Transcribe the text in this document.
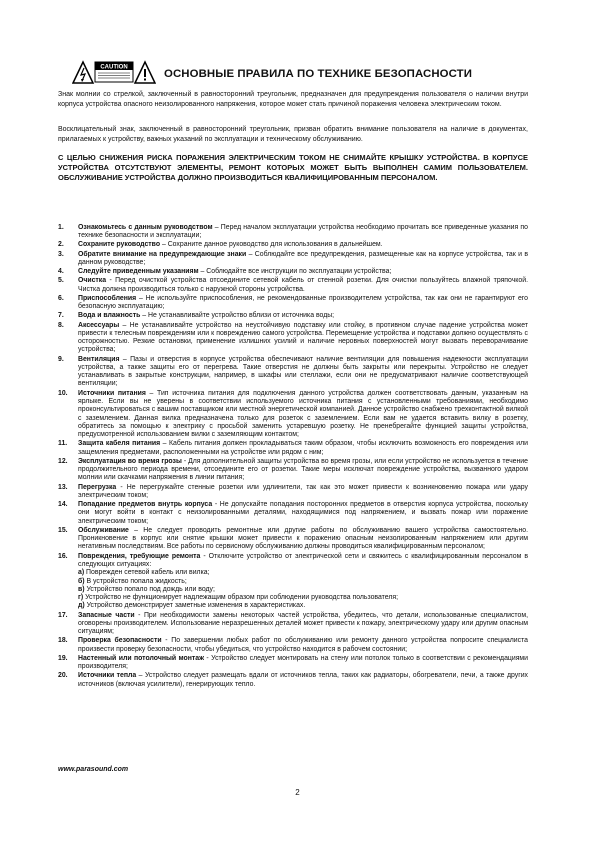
CAUTION
ОСНОВНЫЕ ПРАВИЛА ПО ТЕХНИКЕ БЕЗОПАСНОСТИ

Знак молнии со стрелкой, заключенный в равносторонний треугольник, предназначен для предупреждения пользователя о наличии внутри корпуса устройства опасного неизолированного напряжения, которое может стать причиной поражения человека электрическим током.

Восклицательный знак, заключенный в равносторонний треугольник, призван обратить внимание пользователя на наличие в документах, прилагаемых к устройству, важных указаний по эксплуатации и техническому обслуживанию.

С ЦЕЛЬЮ СНИЖЕНИЯ РИСКА ПОРАЖЕНИЯ ЭЛЕКТРИЧЕСКИМ ТОКОМ НЕ СНИМАЙТЕ КРЫШКУ УСТРОЙСТВА. В КОРПУСЕ УСТРОЙСТВА ОТСУТСТВУЮТ ЭЛЕМЕНТЫ, РЕМОНТ КОТОРЫХ МОЖЕТ БЫТЬ ВЫПОЛНЕН САМИМ ПОЛЬЗОВАТЕЛЕМ. ОБСЛУЖИВАНИЕ УСТРОЙСТВА ДОЛЖНО ПРОИЗВОДИТЬСЯ КВАЛИФИЦИРОВАННЫМ ПЕРСОНАЛОМ.

1.	Ознакомьтесь с данным руководством – Перед началом эксплуатации устройства необходимо прочитать все приведенные указания по технике безопасности и эксплуатации;
2.	Сохраните руководство – Сохраните данное руководство для использования в дальнейшем.
3.	Обратите внимание на предупреждающие знаки – Соблюдайте все предупреждения, размещенные как на корпусе устройства, так и в данном руководстве;
4.	Следуйте приведенным указаниям – Соблюдайте все инструкции по эксплуатации устройства;
5.	Очистка - Перед очисткой устройства отсоедините сетевой кабель от стенной розетки. Для очистки пользуйтесь влажной тряпочкой. Чистка должна производиться только с наружной стороны устройства.
6.	Приспособления – Не используйте приспособления, не рекомендованные производителем устройства, так как они не гарантируют его безопасную эксплуатацию;
7.	Вода и влажность – Не устанавливайте устройство вблизи от источника воды;
8.	Аксессуары – Не устанавливайте устройство на неустойчивую подставку или стойку, в противном случае падение устройства может привести к телесным повреждениям или к повреждению самого устройства. Перемещение устройства и подставки должно осуществлять с осторожностью. Резкие остановки, применение излишних усилий и наличие неровных поверхностей могут вызвать переворачивание устройства;
9.	Вентиляция – Пазы и отверстия в корпусе устройства обеспечивают наличие вентиляции для повышения надежности эксплуатации устройства, а также защиты его от перегрева. Такие отверстия не должны быть закрыты или перекрыты. Устройство не следует устанавливать в закрытые конструкции, например, в шкафы или стеллажи, если они не предусматривают наличие соответствующей вентиляции;
10.	Источники питания – Тип источника питания для подключения данного устройства должен соответствовать данным, указанным на ярлыке. Если вы не уверены в соответствии используемого источника питания с установленными требованиями, необходимо проконсультироваться с вашим поставщиком или местной энергетической компанией. Данное устройство снабжено трехконтактной вилкой с заземлением. Данная вилка предназначена только для розеток с заземлением. Если вам не удается вставить вилку в розетку, обратитесь за помощью к электрику с просьбой заменить устаревшую розетку. Не пренебрегайте функцией защиты устройства, предусмотренной использованием вилки с заземляющим контактом;
11.	Защита кабеля питания – Кабель питания должен прокладываться таким образом, чтобы исключить возможность его повреждения или защемления предметами, расположенными на устройстве или рядом с ним;
12.	Эксплуатация во время грозы - Для дополнительной защиты устройства во время грозы, или если устройство не используется в течение продолжительного периода времени, отсоедините его от розетки. Такие меры исключат повреждение устройства, вызванного ударом молнии или скачками напряжения в линии питания;
13.	Перегрузка - Не перегружайте стенные розетки или удлинители, так как это может привести к возникновению пожара или удару электрическим током;
14.	Попадание предметов внутрь корпуса - Не допускайте попадания посторонних предметов в отверстия корпуса устройства, поскольку они могут войти в контакт с неизолированными деталями, находящимися под напряжением, и вызвать пожар или поражение электрическим током;
15.	Обслуживание – Не следует проводить ремонтные или другие работы по обслуживанию вашего устройства самостоятельно. Проникновение в корпус или снятие крышки может привести к поражению опасным неизолированным напряжением или другим негативным последствиям. Все работы по сервисному обслуживанию должны проводиться квалифицированным персоналом;
16.	Повреждения, требующие ремонта - Отключите устройство от электрической сети и свяжитесь с квалифицированным персоналом в следующих ситуациях:
а) Поврежден сетевой кабель или вилка;
б) В устройство попала жидкость;
в) Устройство попало под дождь или воду;
г) Устройство не функционирует надлежащим образом при соблюдении руководства пользователя;
д) Устройство демонстрирует заметные изменения в характеристиках.
17.	Запасные части - При необходимости замены некоторых частей устройства, убедитесь, что детали, использованные специалистом, оговорены производителем. Использование неразрешенных деталей может привести к пожару, электрическому удару или другим опасным ситуациям;
18.	Проверка безопасности - По завершении любых работ по обслуживанию или ремонту данного устройства попросите специалиста произвести проверку безопасности, чтобы убедиться, что устройство находится в рабочем состоянии;
19.	Настенный или потолочный монтаж - Устройство следует монтировать на стену или потолок только в соответствии с рекомендациями производителя;
20.	Источники тепла – Устройство следует размещать вдали от источников тепла, таких как радиаторы, обогреватели, печи, а также других источников (включая усилители), генерирующих тепло.
www.parasound.com
2
